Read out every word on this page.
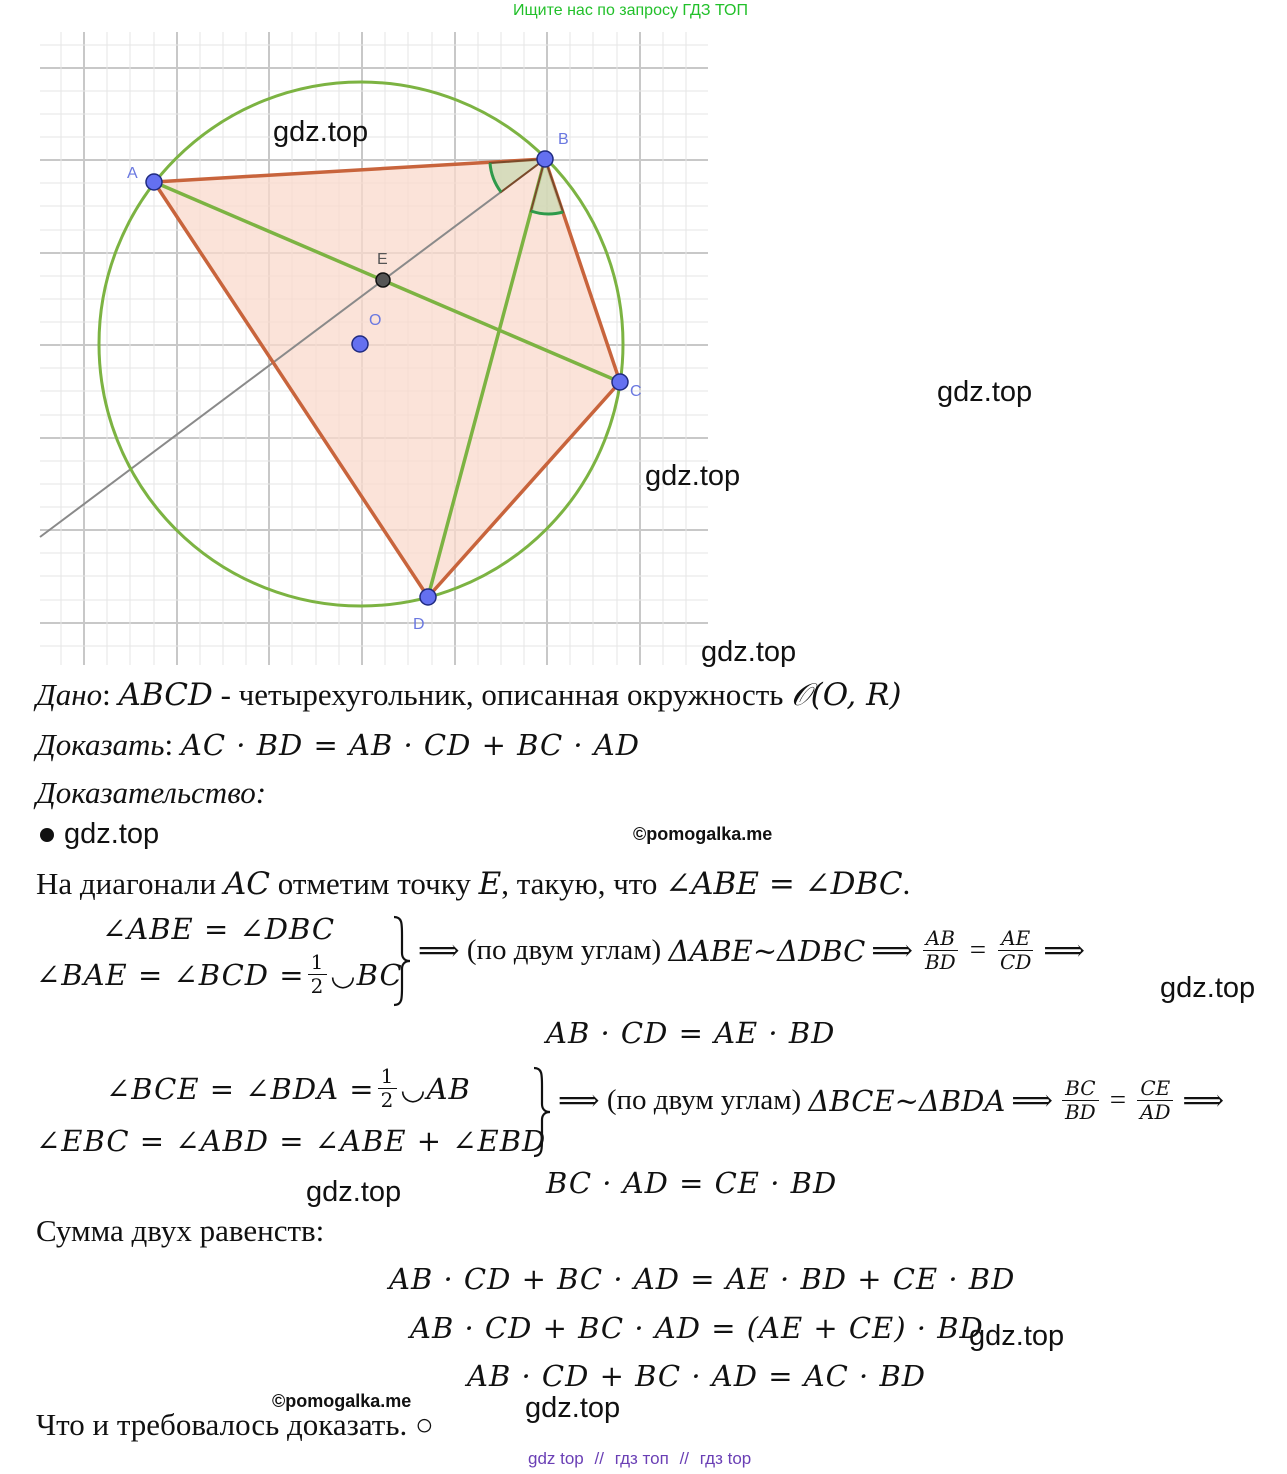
Ищите нас по запросу ГДЗ ТОП
A
B
C
D
E
O
gdz.top
gdz.top
gdz.top
gdz.top
gdz.top
gdz.top
gdz.top
gdz.top
©pomogalka.me
©pomogalka.me
Дано: ABCD - четырехугольник, описанная окружность 𝒪(O, R)
Доказать: AC · BD = AB · CD + BC · AD
Доказательство:
gdz.top
На диагонали AC отметим точку E, такую, что ∠ABE = ∠DBC.
∠ABE = ∠DBC
∠BAE = ∠BCD = $\frac{1}{2}$ ◡BC
⟹ (по двум углам) ΔABE~ΔDBC ⟹ $\frac{AB}{BD} = \frac{AE}{CD}$ ⟹
AB · CD = AE · BD
∠BCE = ∠BDA = $\frac{1}{2}$ ◡AB
∠EBC = ∠ABD = ∠ABE + ∠EBD
⟹ (по двум углам) ΔBCE~ΔBDA ⟹ $\frac{BC}{BD} = \frac{CE}{AD}$ ⟹
BC · AD = CE · BD
Сумма двух равенств:
AB · CD + BC · AD = AE · BD + CE · BD
AB · CD + BC · AD = (AE + CE) · BD
AB · CD + BC · AD = AC · BD
Что и требовалось доказать. ○
gdz top // гдз топ // гдз top
